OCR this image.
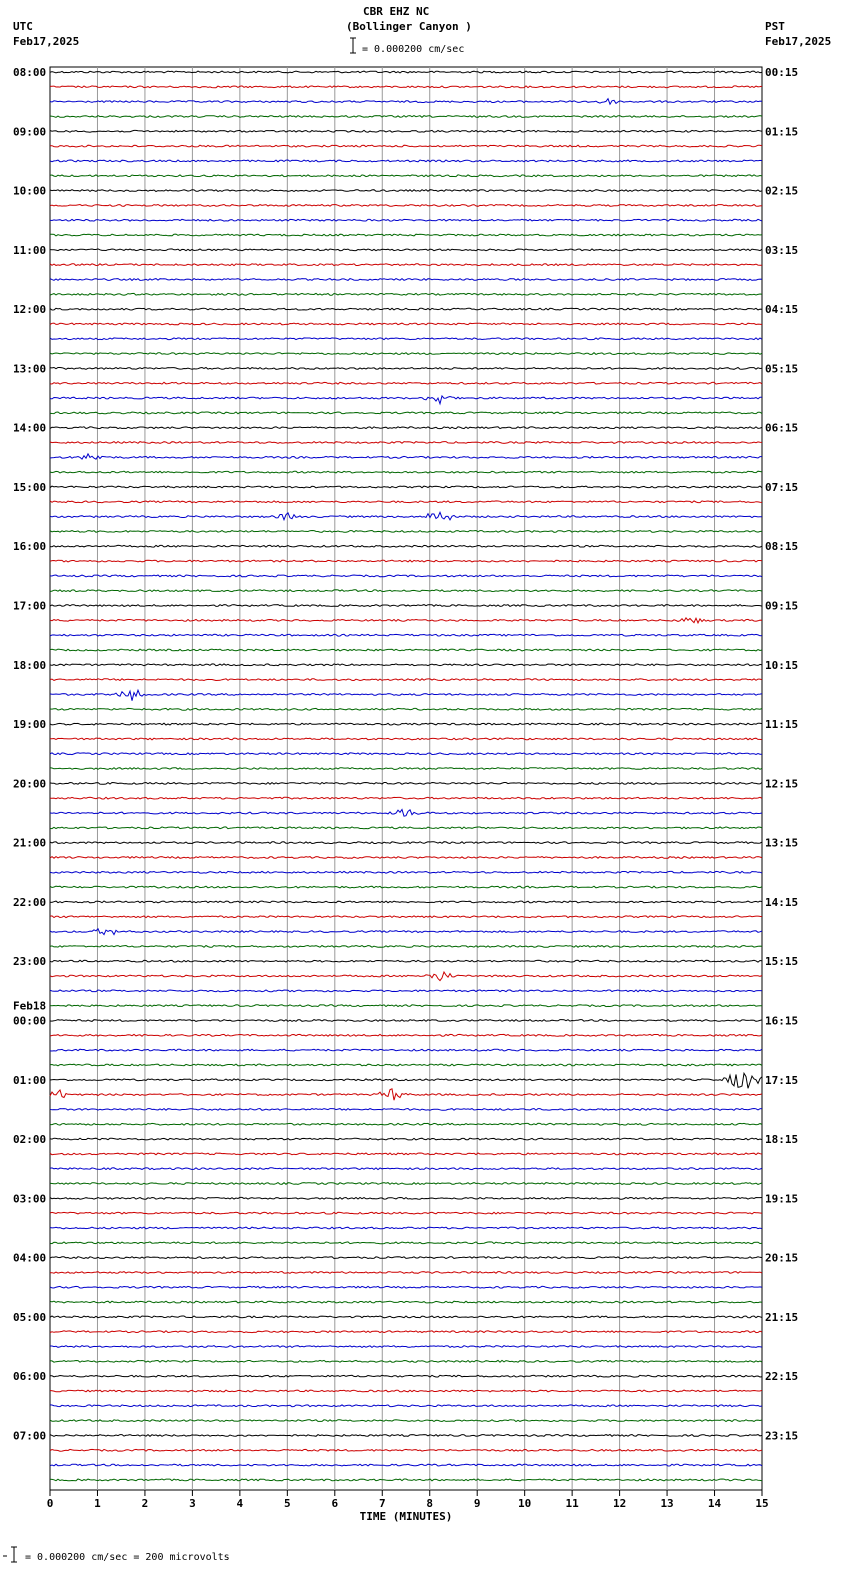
CBR EHZ NC
(Bollinger Canyon )
= 0.000200 cm/sec
UTC
Feb17,2025
PST
Feb17,2025
= 0.000200 cm/sec = 200 microvolts
08:00
09:00
10:00
11:00
12:00
13:00
14:00
15:00
16:00
17:00
18:00
19:00
20:00
21:00
22:00
23:00
00:00
Feb18
01:00
02:00
03:00
04:00
05:00
06:00
07:00
00:15
01:15
02:15
03:15
04:15
05:15
06:15
07:15
08:15
09:15
10:15
11:15
12:15
13:15
14:15
15:15
16:15
17:15
18:15
19:15
20:15
21:15
22:15
23:15
0	1	2	3	4	5	6	7	8	9	10	11	12	13	14	15
TIME (MINUTES)
